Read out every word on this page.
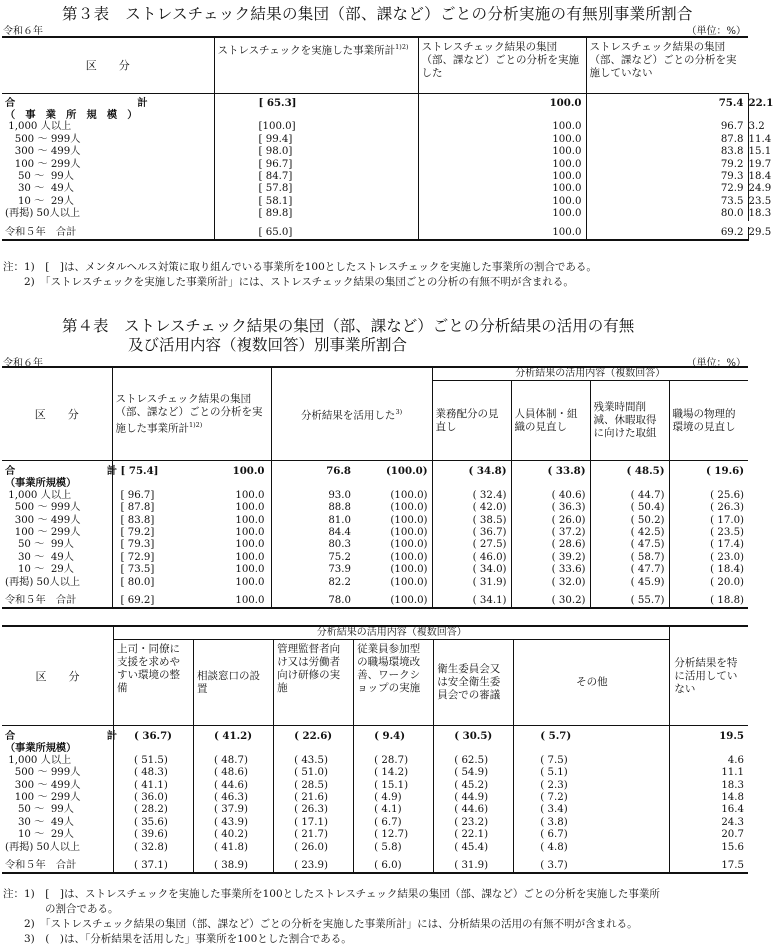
第３表　ストレスチェック結果の集団（部、課など）ごとの分析実施の有無別事業所割合
令和６年	（単位：%）
区　　分	ストレスチェックを実施した事業所計$^{1)2)}$	ストレスチェック結果の集団（部、課など）ごとの分析を実施した	ストレスチェック結果の集団（部、課など）ごとの分析を実施していない	
合　　　　　　　　　　　　計	[ 65.3]	100.0	75.4	22.1
（　事　業　所　規　模　）				
1,000 人以上	[100.0]	100.0	96.7	3.2
500 ～ 999人	[ 99.4]	100.0	87.8	11.4
300 ～ 499人	[ 98.0]	100.0	83.8	15.1
100 ～ 299人	[ 96.7]	100.0	79.2	19.7
50 ～  99人	[ 84.7]	100.0	79.3	18.4
30 ～  49人	[ 57.8]	100.0	72.9	24.9
10 ～  29人	[ 58.1]	100.0	73.5	23.5
(再掲) 50人以上	[ 89.8]	100.0	80.0	18.3

令和５年　合計	[ 65.0]	100.0	69.2	29.5
注：1)　[　]は、メンタルヘルス対策に取り組んでいる事業所を100としたストレスチェックを実施した事業所の割合である。
　　2)　「ストレスチェックを実施した事業所計」には、ストレスチェック結果の集団ごとの分析の有無不明が含まれる。
第４表　ストレスチェック結果の集団（部、課など）ごとの分析結果の活用の有無
及び活用内容（複数回答）別事業所割合
令和６年	（単位：%）
区　　分	ストレスチェック結果の集団（部、課など）ごとの分析を実施した事業所計$^{1)2)}$		分析結果を活用した$^{3)}$		分析結果の活用内容（複数回答）			
					業務配分の見直し	人員体制・組織の見直し	残業時間削減、休暇取得に向けた取組	職場の物理的環境の見直し
合　　　　　　　　　計	[ 75.4]	100.0	76.8	(100.0)	( 34.8)	( 33.8)	( 48.5)	( 19.6)
（事業所規模）								
1,000 人以上	[ 96.7]	100.0	93.0	(100.0)	( 32.4)	( 40.6)	( 44.7)	( 25.6)
500 ～ 999人	[ 87.8]	100.0	88.8	(100.0)	( 42.0)	( 36.3)	( 50.4)	( 26.3)
300 ～ 499人	[ 83.8]	100.0	81.0	(100.0)	( 38.5)	( 26.0)	( 50.2)	( 17.0)
100 ～ 299人	[ 79.2]	100.0	84.4	(100.0)	( 36.7)	( 37.2)	( 42.5)	( 23.5)
50 ～  99人	[ 79.3]	100.0	80.3	(100.0)	( 27.5)	( 28.6)	( 47.5)	( 17.4)
30 ～  49人	[ 72.9]	100.0	75.2	(100.0)	( 46.0)	( 39.2)	( 58.7)	( 23.0)
10 ～  29人	[ 73.5]	100.0	73.9	(100.0)	( 34.0)	( 33.6)	( 47.7)	( 18.4)
(再掲) 50人以上	[ 80.0]	100.0	82.2	(100.0)	( 31.9)	( 32.0)	( 45.9)	( 20.0)

令和５年　合計	[ 69.2]	100.0	78.0	(100.0)	( 34.1)	( 30.2)	( 55.7)	( 18.8)
区　　分	分析結果の活用内容（複数回答）						分析結果を特に活用していない
	上司・同僚に支援を求めやすい環境の整備	相談窓口の設置	管理監督者向け又は労働者向け研修の実施	従業員参加型の職場環境改善、ワークショップの実施	衛生委員会又は安全衛生委員会での審議	その他	
合　　　　　　　　　計	( 36.7)	( 41.2)	( 22.6)	( 9.4)	( 30.5)	( 5.7)	19.5
（事業所規模）							
1,000 人以上	( 51.5)	( 48.7)	( 43.5)	( 28.7)	( 62.5)	( 7.5)	4.6
500 ～ 999人	( 48.3)	( 48.6)	( 51.0)	( 14.2)	( 54.9)	( 5.1)	11.1
300 ～ 499人	( 41.1)	( 44.6)	( 28.5)	( 15.1)	( 45.2)	( 2.3)	18.3
100 ～ 299人	( 36.0)	( 46.3)	( 21.6)	( 4.9)	( 44.9)	( 7.2)	14.8
50 ～  99人	( 28.2)	( 37.9)	( 26.3)	( 4.1)	( 44.6)	( 3.4)	16.4
30 ～  49人	( 35.6)	( 43.9)	( 17.1)	( 6.7)	( 23.2)	( 3.8)	24.3
10 ～  29人	( 39.6)	( 40.2)	( 21.7)	( 12.7)	( 22.1)	( 6.7)	20.7
(再掲) 50人以上	( 32.8)	( 41.8)	( 26.0)	( 5.8)	( 45.4)	( 4.8)	15.6

令和５年　合計	( 37.1)	( 38.9)	( 23.9)	( 6.0)	( 31.9)	( 3.7)	17.5
注：1)　[　]は、ストレスチェックを実施した事業所を100としたストレスチェック結果の集団（部、課など）ごとの分析を実施した事業所
　　　　の割合である。
　　2)　「ストレスチェック結果の集団（部、課など）ごとの分析を実施した事業所計」には、分析結果の活用の有無不明が含まれる。
　　3)　(　)は、「分析結果を活用した」事業所を100とした割合である。
